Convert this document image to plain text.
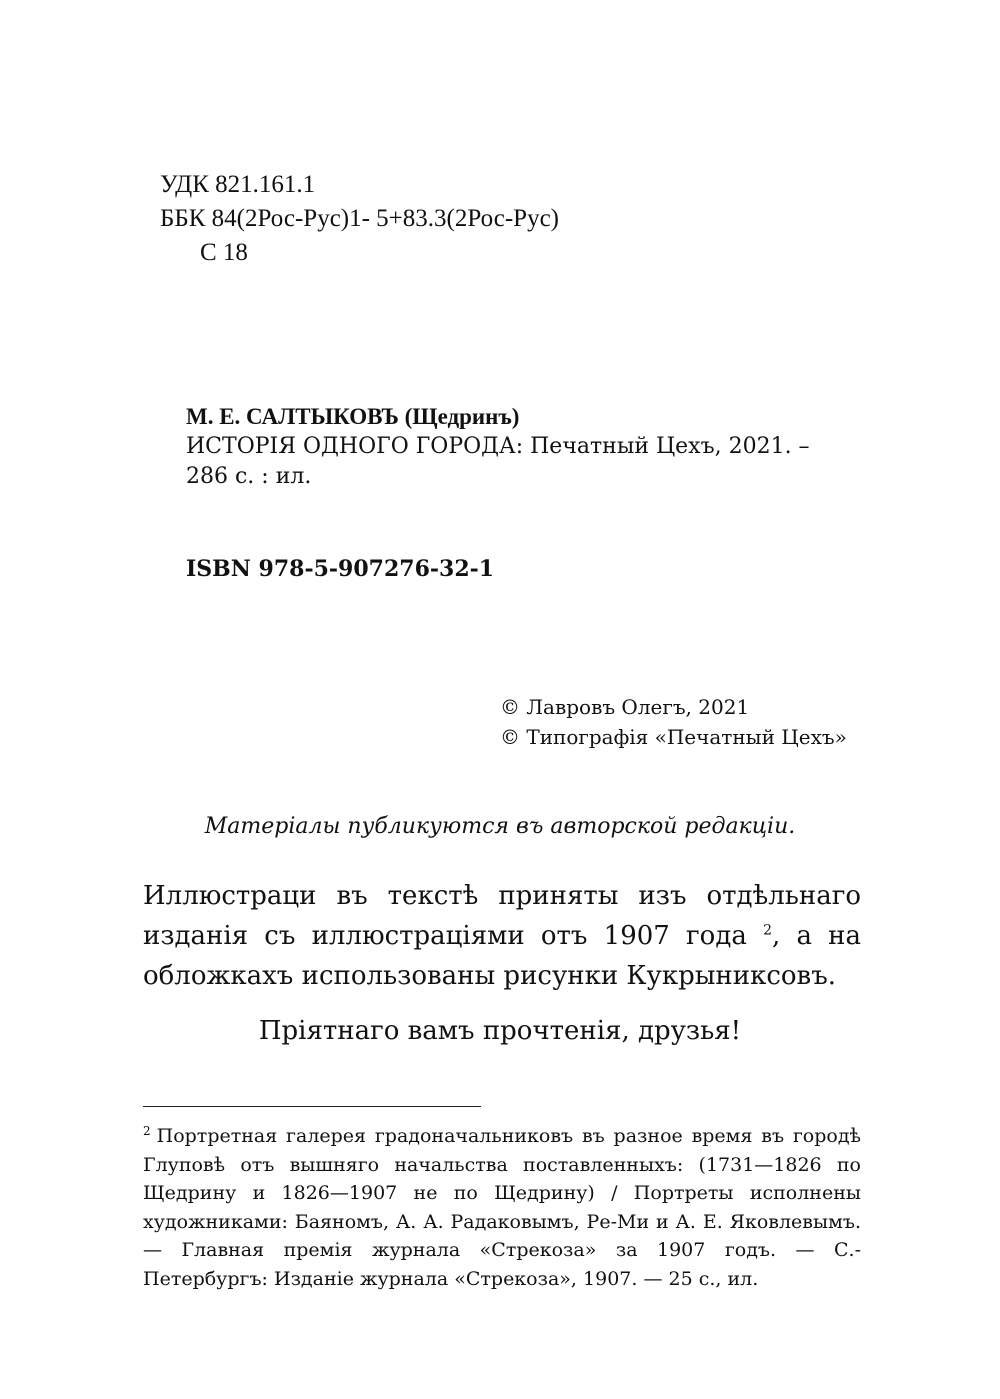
УДК 821.161.1
ББК 84(2Рос-Рус)1- 5+83.3(2Рос-Рус)
С 18
М. Е. САЛТЫКОВЪ (Щедринъ)
ИСТОРІЯ ОДНОГО ГОРОДА: Печатный Цехъ, 2021. –
286 с. : ил.
ISBN 978-5-907276-32-1
© Лавровъ Олегъ, 2021
© Типографія «Печатный Цехъ»
Матеріалы публикуются въ авторской редакціи.

Иллюстраци въ текстѣ приняты изъ отдѣльнаго изданія съ иллюстраціями отъ 1907 года $^2$, а на обложкахъ использованы рисунки Кукрыниксовъ.

Пріятнаго вамъ прочтенія, друзья!

$^2$ Портретная галерея градоначальниковъ въ разное время въ городѣ Глуповѣ отъ вышняго начальства поставленныхъ: (1731—1826 по Щедрину и 1826—1907 не по Щедрину) / Портреты исполнены художниками: Баяномъ, А. А. Радаковымъ, Ре-Ми и А. Е. Яковлевымъ. — Главная премія журнала «Стрекоза» за 1907 годъ. — С.-Петербургъ: Изданіе журнала «Стрекоза», 1907. — 25 с., ил.
